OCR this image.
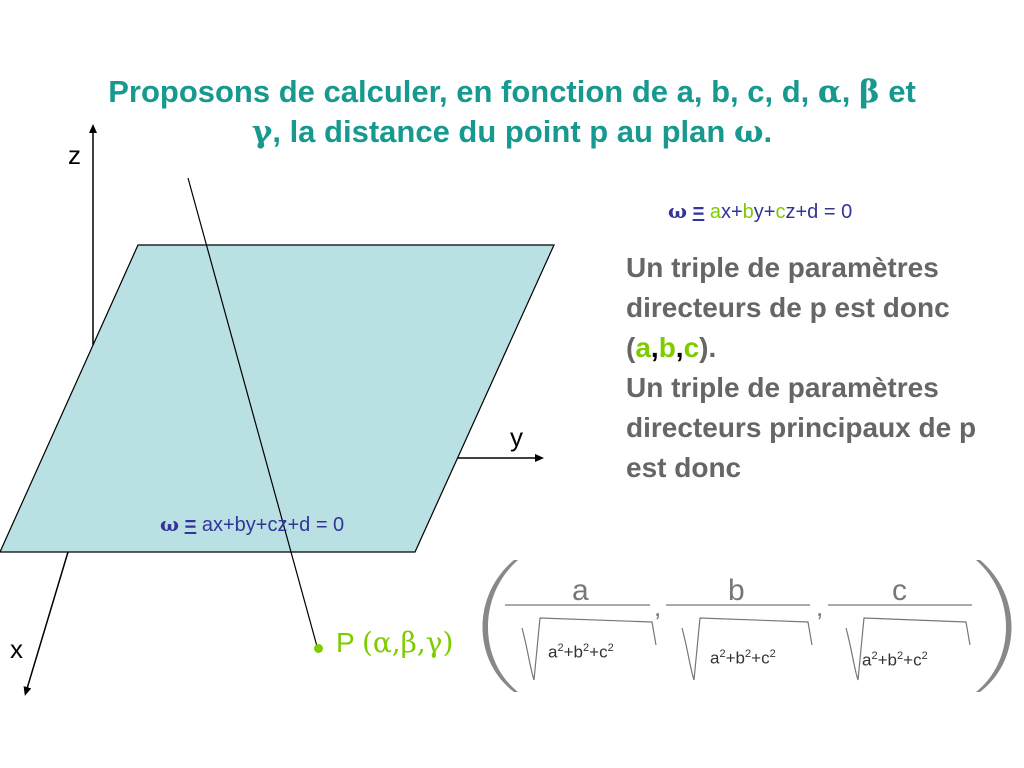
Proposons de calculer, en fonction de a, b, c, d, α, β et
γ, la distance du point p au plan ω.
z
y
x
ω = ax+by+cz+d = 0
ω = ax+by+cz+d = 0
P (α,β,γ)
Un triple de paramètres directeurs de p est donc (a,b,c).
Un triple de paramètres directeurs principaux de p est donc
a	b	c
,	,
$a^2+b^2+c^2$
$a^2+b^2+c^2$	$a^2+b^2+c^2$
